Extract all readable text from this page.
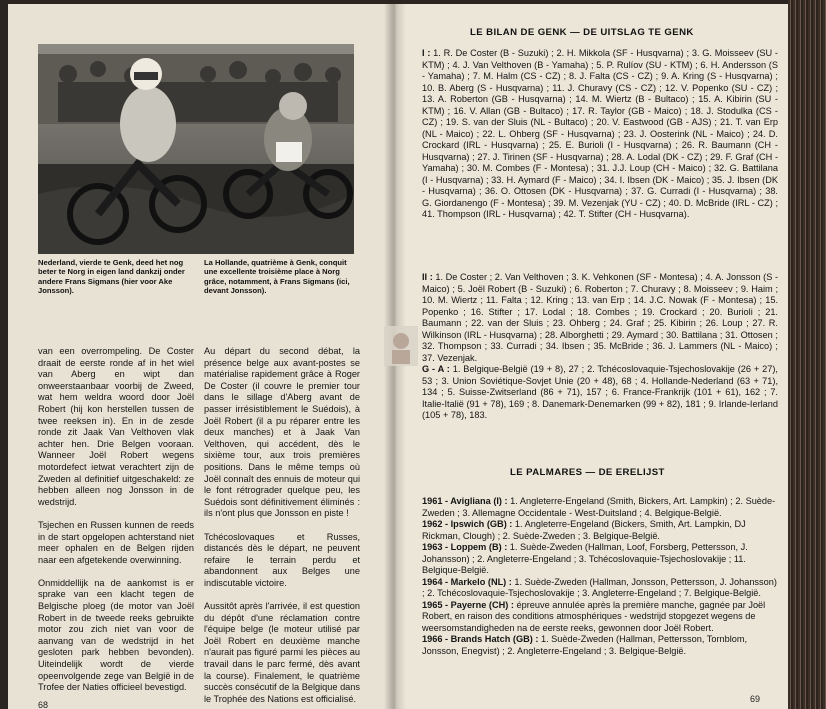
Nederland, vierde te Genk, deed het nog beter te Norg in eigen land dankzij onder andere Frans Sigmans (hier voor Ake Jonsson).
La Hollande, quatrième à Genk, conquit une excellente troisième place à Norg grâce, notamment, à Frans Sigmans (ici, devant Jonsson).
van een overrompeling. De Coster draait de eerste ronde af in het wiel van Aberg en wipt dan onweerstaanbaar voorbij de Zweed, wat hem weldra woord door Joël Robert (hij kon herstellen tussen de twee reeksen in). En in de zesde ronde zit Jaak Van Velthoven vlak achter hen. Drie Belgen vooraan. Wanneer Joël Robert wegens motordefect ietwat verachtert zijn de Zweden al definitief uitgeschakeld: ze hebben alleen nog Jonsson in de wedstrijd.

Tsjechen en Russen kunnen de reeds in de start opgelopen achterstand niet meer ophalen en de Belgen rijden naar een afgetekende overwinning.

Onmiddellijk na de aankomst is er sprake van een klacht tegen de Belgische ploeg (de motor van Joël Robert in de tweede reeks gebruikte motor zou zich niet van voor de aanvang van de wedstrijd in het gesloten park hebben bevonden). Uiteindelijk wordt de vierde opeenvolgende zege van België in de Trofee der Naties officieel bevestigd.
Au départ du second débat, la présence belge aux avant-postes se matérialise rapidement grâce à Roger De Coster (il couvre le premier tour dans le sillage d'Aberg avant de passer irrésistiblement le Suédois), à Joël Robert (il a pu réparer entre les deux manches) et à Jaak Van Velthoven, qui accédent, dès le sixième tour, aux trois premières positions. Dans le même temps où Joël connaît des ennuis de moteur qui le font rétrograder quelque peu, les Suédois sont définitivement éliminés : ils n'ont plus que Jonsson en piste !

Tchécoslovaques et Russes, distancés dès le départ, ne peuvent refaire le terrain perdu et abandonnent aux Belges une indiscutable victoire.

Aussitôt après l'arrivée, il est question du dépôt d'une réclamation contre l'équipe belge (le moteur utilisé par Joël Robert en deuxième manche n'aurait pas figuré parmi les pièces au travail dans le parc fermé, dès avant la course). Finalement, le quatrième succès consécutif de la Belgique dans le Trophée des Nations est officialisé.
68
LE BILAN DE GENK — DE UITSLAG TE GENK
I : 1. R. De Coster (B - Suzuki) ; 2. H. Mikkola (SF - Husqvarna) ; 3. G. Moisseev (SU - KTM) ; 4. J. Van Velthoven (B - Yamaha) ; 5. P. Rulíov (SU - KTM) ; 6. H. Andersson (S - Yamaha) ; 7. M. Halm (CS - CZ) ; 8. J. Falta (CS - CZ) ; 9. A. Kring (S - Husqvarna) ; 10. B. Aberg (S - Husqvarna) ; 11. J. Churavy (CS - CZ) ; 12. V. Popenko (SU - CZ) ; 13. A. Roberton (GB - Husqvarna) ; 14. M. Wiertz (B - Bultaco) ; 15. A. Kibirin (SU - KTM) ; 16. V. Allan (GB - Bultaco) ; 17. R. Taylor (GB - Maico) ; 18. J. Stodulka (CS - CZ) ; 19. S. van der Sluis (NL - Bultaco) ; 20. V. Eastwood (GB - AJS) ; 21. T. van Erp (NL - Maico) ; 22. L. Ohberg (SF - Husqvarna) ; 23. J. Oosterink (NL - Maico) ; 24. D. Crockard (IRL - Husqvarna) ; 25. E. Burioli (I - Husqvarna) ; 26. R. Baumann (CH - Husqvarna) ; 27. J. Tirinen (SF - Husqvarna) ; 28. A. Lodal (DK - CZ) ; 29. F. Graf (CH - Yamaha) ; 30. M. Combes (F - Montesa) ; 31. J.J. Loup (CH - Maico) ; 32. G. Battilana (I - Husqvarna) ; 33. H. Aymard (F - Maico) ; 34. I. Ibsen (DK - Maico) ; 35. J. Ibsen (DK - Husqvarna) ; 36. O. Ottosen (DK - Husqvarna) ; 37. G. Curradi (I - Husqvarna) ; 38. G. Giordanengo (F - Montesa) ; 39. M. Vezenjak (YU - CZ) ; 40. D. McBride (IRL - CZ) ; 41. Thompson (IRL - Husqvarna) ; 42. T. Stifter (CH - Husqvarna).
II : 1. De Coster ; 2. Van Velthoven ; 3. K. Vehkonen (SF - Montesa) ; 4. A. Jonsson (S - Maico) ; 5. Joël Robert (B - Suzuki) ; 6. Roberton ; 7. Churavy ; 8. Moisseev ; 9. Haim ; 10. M. Wiertz ; 11. Falta ; 12. Kring ; 13. van Erp ; 14. J.C. Nowak (F - Montesa) ; 15. Popenko ; 16. Stifter ; 17. Lodal ; 18. Combes ; 19. Crockard ; 20. Burioli ; 21. Baumann ; 22. van der Sluis ; 23. Ohberg ; 24. Graf ; 25. Kibirin ; 26. Loup ; 27. R. Wilkinson (IRL - Husqvarna) ; 28. Alborghetti ; 29. Aymard ; 30. Battilana ; 31. Ottosen ; 32. Thompson ; 33. Curradi ; 34. Ibsen ; 35. McBride ; 36. J. Lammers (NL - Maico) ; 37. Vezenjak.
G - A : 1. Belgique-België (19 + 8), 27 ; 2. Tchécoslovaquie-Tsjechoslovakije (26 + 27), 53 ; 3. Union Soviétique-Sovjet Unie (20 + 48), 68 ; 4. Hollande-Nederland (63 + 71), 134 ; 5. Suisse-Zwitserland (86 + 71), 157 ; 6. France-Frankrijk (101 + 61), 162 ; 7. Italie-Italië (91 + 78), 169 ; 8. Danemark-Denemarken (99 + 82), 181 ; 9. Irlande-Ierland (105 + 78), 183.
LE PALMARES — DE ERELIJST

1961 - Avigliana (I) : 1. Angleterre-Engeland (Smith, Bickers, Art. Lampkin) ; 2. Suède-Zweden ; 3. Allemagne Occidentale - West-Duitsland ; 4. Belgique-België.

1962 - Ipswich (GB) : 1. Angleterre-Engeland (Bickers, Smith, Art. Lampkin, DJ Rickman, Clough) ; 2. Suède-Zweden ; 3. Belgique-België.

1963 - Loppem (B) : 1. Suède-Zweden (Hallman, Loof, Forsberg, Pettersson, J. Johansson) ; 2. Angleterre-Engeland ; 3. Tchécoslovaquie-Tsjechoslovakije ; 11. Belgique-België.

1964 - Markelo (NL) : 1. Suède-Zweden (Hallman, Jonsson, Pettersson, J. Johansson) ; 2. Tchécoslovaquie-Tsjechoslovakije ; 3. Angleterre-Engeland ; 7. Belgique-België.

1965 - Payerne (CH) : épreuve annulée après la première manche, gagnée par Joël Robert, en raison des conditions atmosphériques - wedstrijd stopgezet wegens de weersomstandigheden na de eerste reeks, gewonnen door Joël Robert.

1966 - Brands Hatch (GB) : 1. Suède-Zweden (Hallman, Pettersson, Tornblom, Jonsson, Enegvist) ; 2. Angleterre-Engeland ; 3. Belgique-België.

69
